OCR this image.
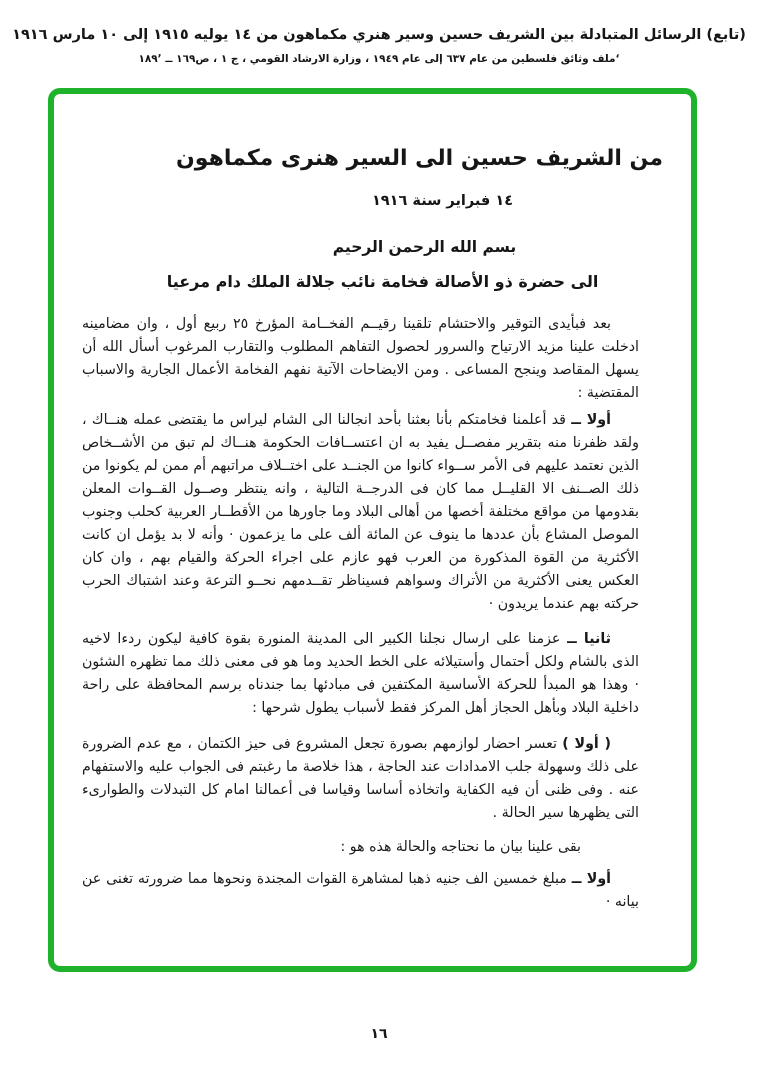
(تابع) الرسائل المتبادلة بين الشريف حسين وسير هنري مكماهون من ١٤ يوليه ١٩١٥ إلى ١٠ مارس ١٩١٦
ʻملف وثائق فلسطين من عام ٦٣٧ إلى عام ١٩٤٩ ، وزارة الارشاد القومي ، ج ١ ، ص١٦٩ ــ ١٨٩ʼ
من الشريف حسين الى السير هنرى مكماهون
١٤ فبراير سنة ١٩١٦
بسم الله الرحمن الرحيم
الى حضرة ذو الأصالة فخامة نائب جلالة الملك دام مرعيا

بعد فبأيدى التوقير والاحتشام تلقينا رقيــم الفخــامة المؤرخ ٢٥ ربيع أول ، وان مضامينه ادخلت علينا مزيد الارتياح والسرور لحصول التفاهم المطلوب والتقارب المرغوب أسأل الله أن يسهل المقاصد وينجح المساعى . ومن الايضاحات الآتية نفهم الفخامة الأعمال الجارية والاسباب المقتضية :

أولا ــ قد أعلمنا فخامتكم بأنا بعثنا بأحد انجالنا الى الشام ليراس ما يقتضى عمله هنــاك ، ولقد ظفرنا منه بتقرير مفصــل يفيد به ان اعتســافات الحكومة هنــاك لم تبق من الأشــخاص الذين نعتمد عليهم فى الأمر ســواء كانوا من الجنــد على اختــلاف مراتبهم أم ممن لم يكونوا من ذلك الصــنف الا القليــل مما كان فى الدرجــة التالية ، وانه ينتظر وصــول القــوات المعلن بقدومها من مواقع مختلفة أخصها من أهالى البلاد وما جاورها من الأقطــار العربية كحلب وجنوب الموصل المشاع بأن عددها ما ينوف عن المائة ألف على ما يزعمون · وأنه لا بد يؤمل ان كانت الأكثرية من القوة المذكورة من العرب فهو عازم على اجراء الحركة والقيام بهم ، وان كان العكس يعنى الأكثرية من الأتراك وسواهم فسيناظر تقــدمهم نحــو الترعة وعند اشتباك الحرب حركته بهم عندما يريدون ·

ثانيا ــ عزمنا على ارسال نجلنا الكبير الى المدينة المنورة بقوة كافية ليكون ردءا لاخيه الذى بالشام ولكل أحتمال وأستيلائه على الخط الحديد وما هو فى معنى ذلك مما تظهره الشئون · وهذا هو المبدأ للحركة الأساسية المكتفين فى مبادئها بما جندناه برسم المحافظة على راحة داخلية البلاد وبأهل الحجاز أهل المركز فقط لأسباب يطول شرحها :

( أولا ) تعسر احضار لوازمهم بصورة تجعل المشروع فى حيز الكتمان ، مع عدم الضرورة على ذلك وسهولة جلب الامدادات عند الحاجة ، هذا خلاصة ما رغبتم فى الجواب عليه والاستفهام عنه . وفى ظنى أن فيه الكفاية واتخاذه أساسا وقياسا فى أعمالنا امام كل التبدلات والطوارىء التى يظهرها سير الحالة .

بقى علينا بيان ما نحتاجه والحالة هذه هو :

أولا ــ مبلغ خمسين الف جنيه ذهبا لمشاهرة القوات المجندة ونحوها مما ضرورته تغنى عن بيانه ·

١٦
